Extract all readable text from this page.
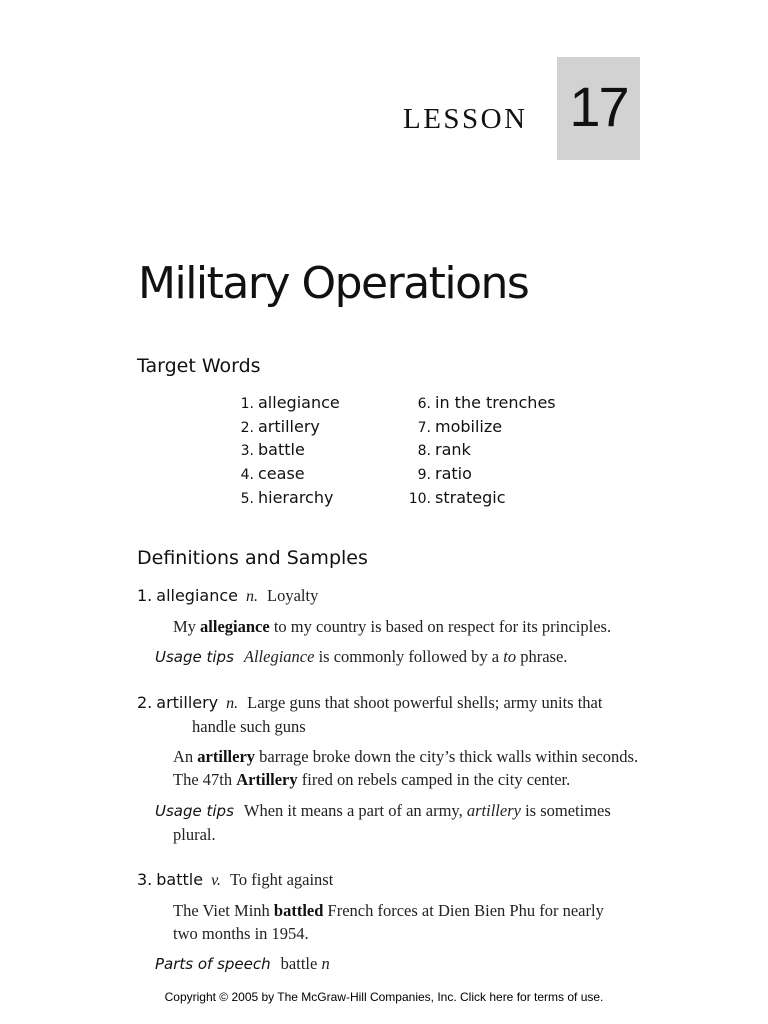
LESSON 17
Military Operations
Target Words
1. allegiance
2. artillery
3. battle
4. cease
5. hierarchy
6. in the trenches
7. mobilize
8. rank
9. ratio
10. strategic
Definitions and Samples
1. allegiance n. Loyalty
My allegiance to my country is based on respect for its principles.
Usage tips Allegiance is commonly followed by a to phrase.
2. artillery n. Large guns that shoot powerful shells; army units that handle such guns
An artillery barrage broke down the city’s thick walls within seconds.
The 47th Artillery fired on rebels camped in the city center.
Usage tips When it means a part of an army, artillery is sometimes plural.
3. battle v. To fight against
The Viet Minh battled French forces at Dien Bien Phu for nearly two months in 1954.
Parts of speech battle n
Copyright © 2005 by The McGraw-Hill Companies, Inc. Click here for terms of use.
